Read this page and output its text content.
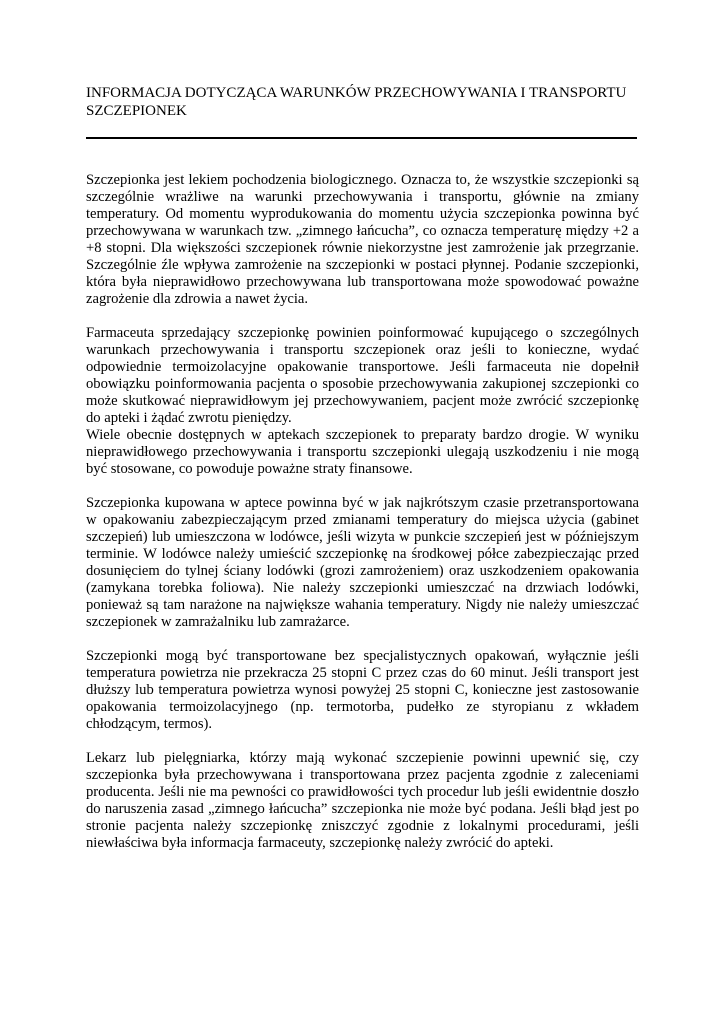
INFORMACJA DOTYCZĄCA WARUNKÓW PRZECHOWYWANIA I TRANSPORTU
SZCZEPIONEK

Szczepionka jest lekiem pochodzenia biologicznego. Oznacza to, że wszystkie szczepionki są szczególnie wrażliwe na warunki przechowywania i transportu, głównie na zmiany temperatury. Od momentu wyprodukowania do momentu użycia szczepionka powinna być przechowywana w warunkach tzw. „zimnego łańcucha”, co oznacza temperaturę między +2 a +8 stopni. Dla większości szczepionek równie niekorzystne jest zamrożenie jak przegrzanie. Szczególnie źle wpływa zamrożenie na szczepionki w postaci płynnej. Podanie szczepionki, która była nieprawidłowo przechowywana lub transportowana może spowodować poważne zagrożenie dla zdrowia a nawet życia.

Farmaceuta sprzedający szczepionkę powinien poinformować kupującego o szczególnych warunkach przechowywania i transportu szczepionek oraz jeśli to konieczne, wydać odpowiednie termoizolacyjne opakowanie transportowe. Jeśli farmaceuta nie dopełnił obowiązku poinformowania pacjenta o sposobie przechowywania zakupionej szczepionki co może skutkować nieprawidłowym jej przechowywaniem, pacjent może zwrócić szczepionkę do apteki i żądać zwrotu pieniędzy.

Wiele obecnie dostępnych w aptekach szczepionek to preparaty bardzo drogie. W wyniku nieprawidłowego przechowywania i transportu szczepionki ulegają uszkodzeniu i nie mogą być stosowane, co powoduje poważne straty finansowe.

Szczepionka kupowana w aptece powinna być w jak najkrótszym czasie przetransportowana w opakowaniu zabezpieczającym przed zmianami temperatury do miejsca użycia (gabinet szczepień) lub umieszczona w lodówce, jeśli wizyta w punkcie szczepień jest w późniejszym terminie. W lodówce należy umieścić szczepionkę na środkowej półce zabezpieczając przed dosunięciem do tylnej ściany lodówki (grozi zamrożeniem) oraz uszkodzeniem opakowania (zamykana torebka foliowa). Nie należy szczepionki umieszczać na drzwiach lodówki, ponieważ są tam narażone na największe wahania temperatury. Nigdy nie należy umieszczać szczepionek w zamrażalniku lub zamrażarce.

Szczepionki mogą być transportowane bez specjalistycznych opakowań, wyłącznie jeśli temperatura powietrza nie przekracza 25 stopni C przez czas do 60 minut. Jeśli transport jest dłuższy lub temperatura powietrza wynosi powyżej 25 stopni C, konieczne jest zastosowanie opakowania termoizolacyjnego (np. termotorba, pudełko ze styropianu z wkładem chłodzącym, termos).

Lekarz lub pielęgniarka, którzy mają wykonać szczepienie powinni upewnić się, czy szczepionka była przechowywana i transportowana przez pacjenta zgodnie z zaleceniami producenta. Jeśli nie ma pewności co prawidłowości tych procedur lub jeśli ewidentnie doszło do naruszenia zasad „zimnego łańcucha” szczepionka nie może być podana. Jeśli błąd jest po stronie pacjenta należy szczepionkę zniszczyć zgodnie z lokalnymi procedurami, jeśli niewłaściwa była informacja farmaceuty, szczepionkę należy zwrócić do apteki.
